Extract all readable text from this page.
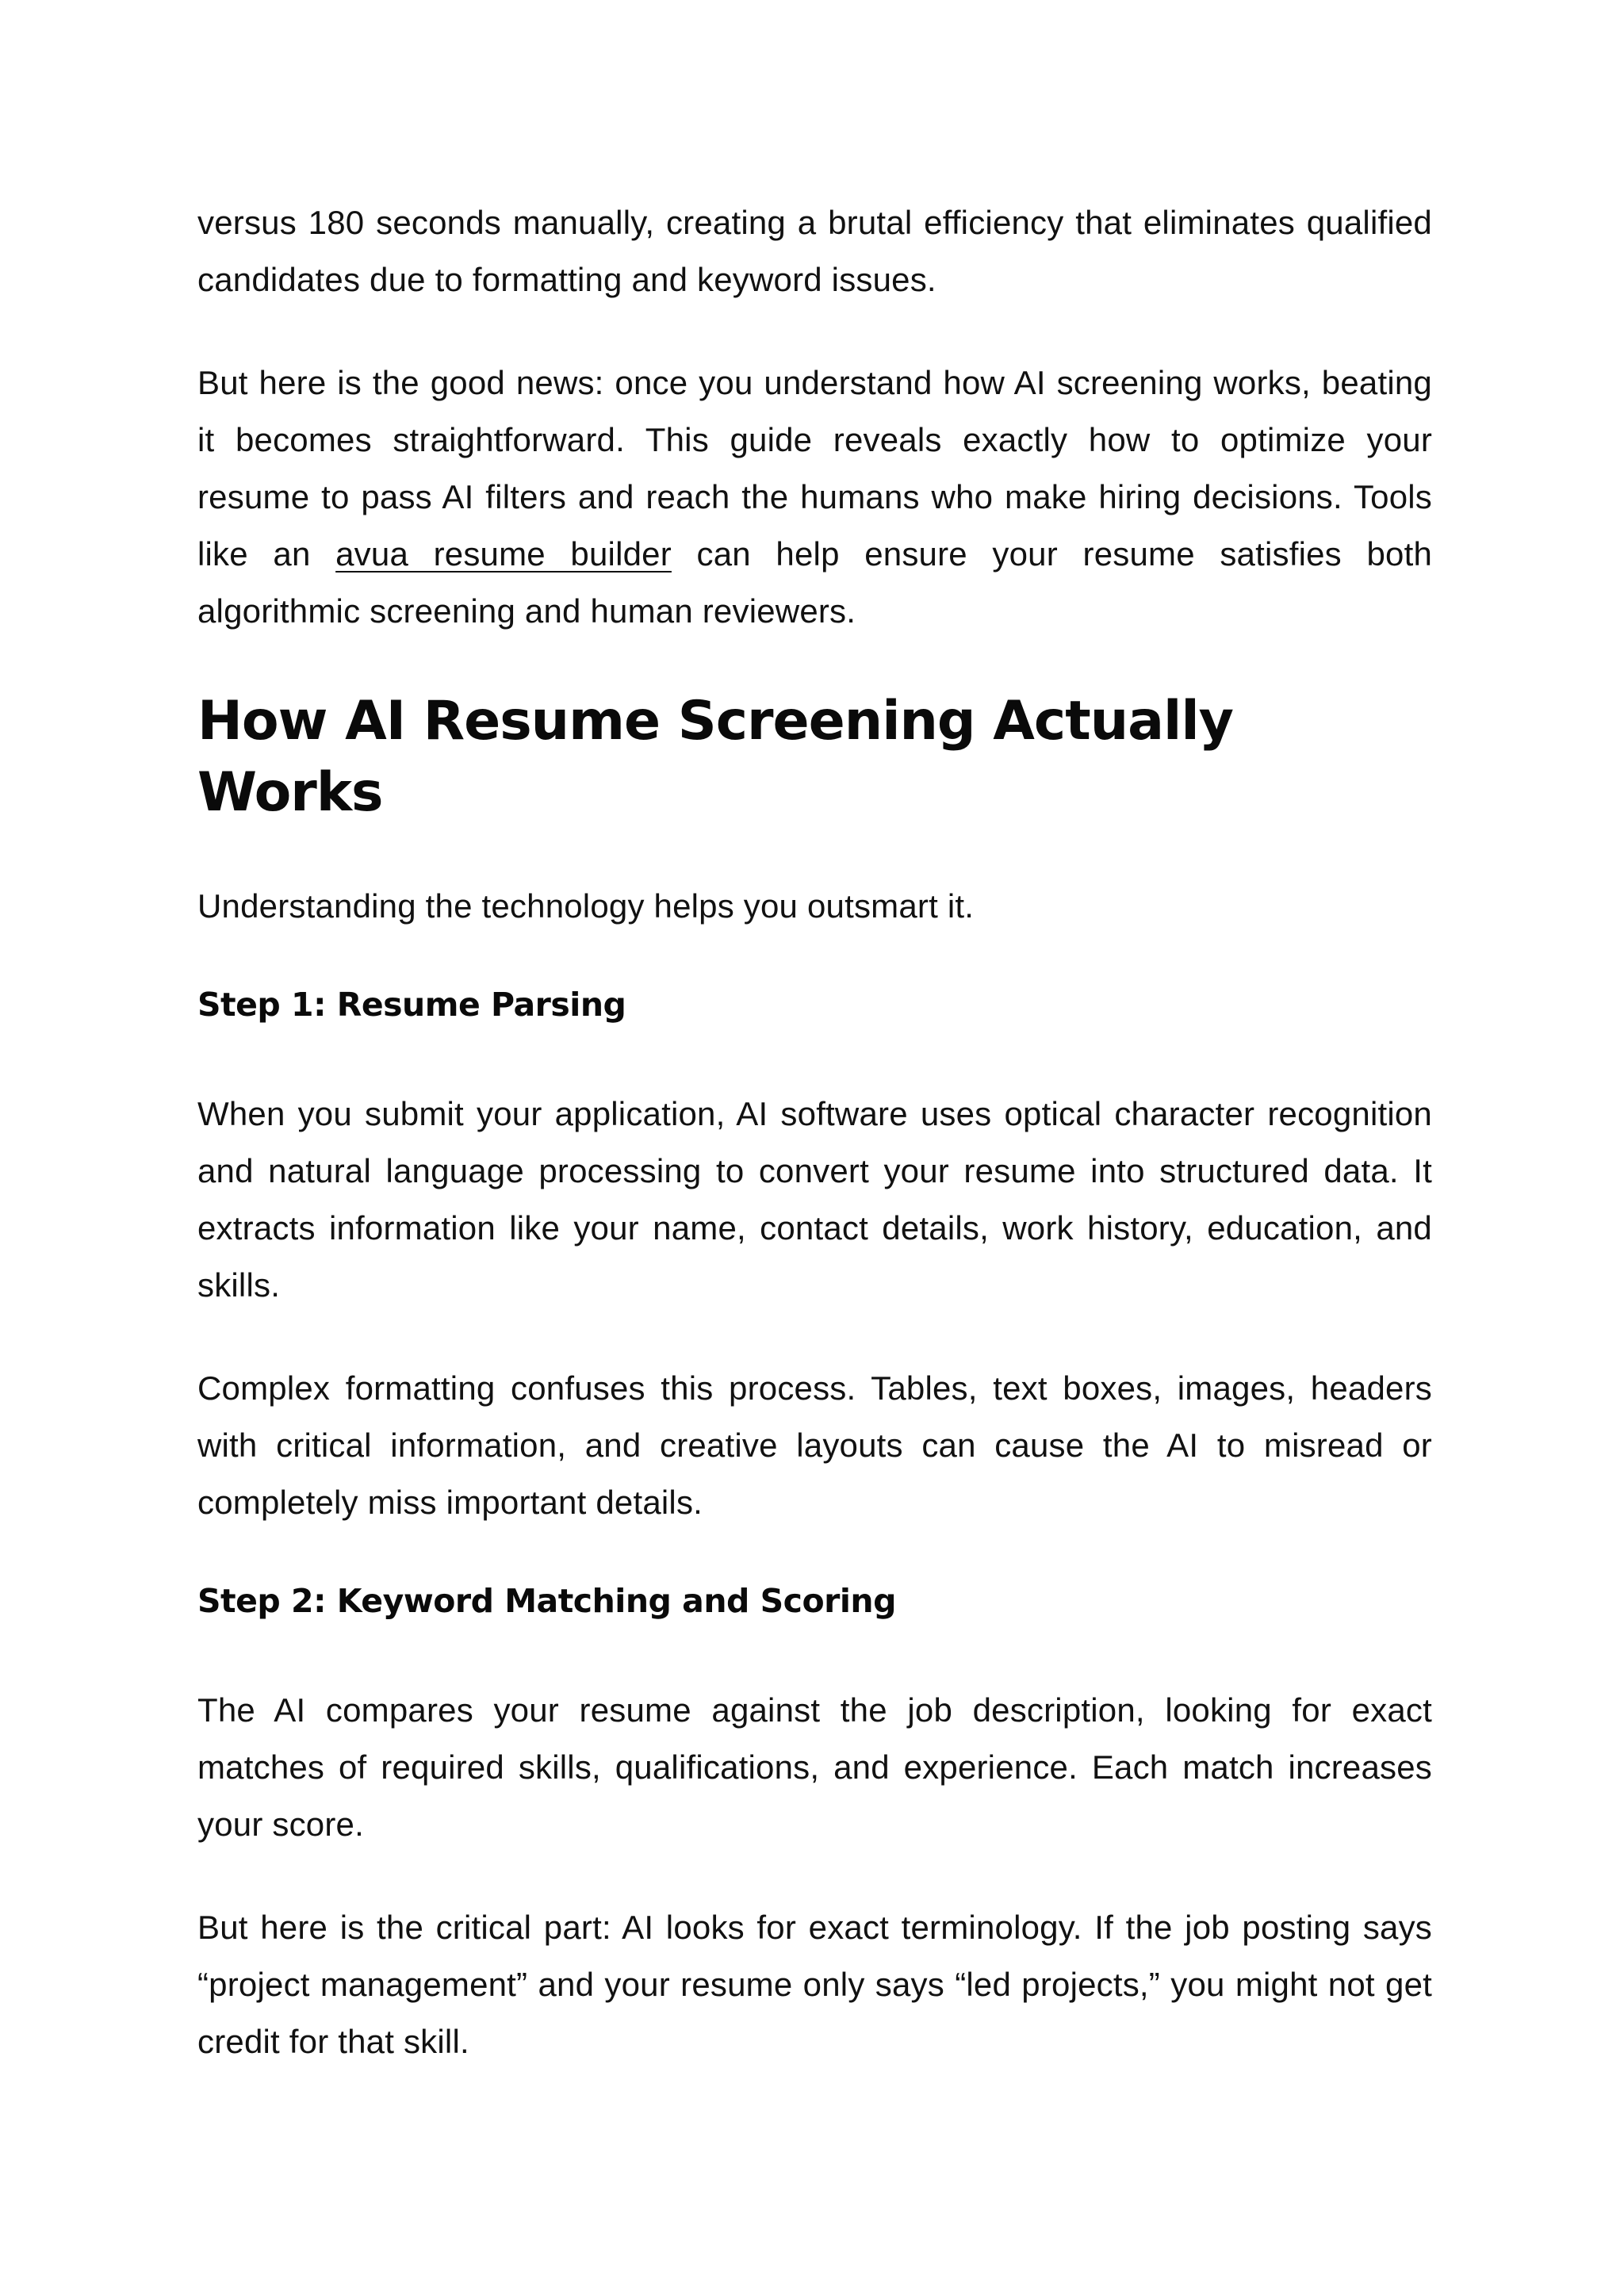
versus 180 seconds manually, creating a brutal efficiency that eliminates qualified candidates due to formatting and keyword issues.

But here is the good news: once you understand how AI screening works, beating it becomes straightforward. This guide reveals exactly how to optimize your resume to pass AI filters and reach the humans who make hiring decisions. Tools like an avua resume builder can help ensure your resume satisfies both algorithmic screening and human reviewers.

How AI Resume Screening Actually Works

Understanding the technology helps you outsmart it.

Step 1: Resume Parsing

When you submit your application, AI software uses optical character recognition and natural language processing to convert your resume into structured data. It extracts information like your name, contact details, work history, education, and skills.

Complex formatting confuses this process. Tables, text boxes, images, headers with critical information, and creative layouts can cause the AI to misread or completely miss important details.

Step 2: Keyword Matching and Scoring

The AI compares your resume against the job description, looking for exact matches of required skills, qualifications, and experience. Each match increases your score.

But here is the critical part: AI looks for exact terminology. If the job posting says “project management” and your resume only says “led projects,” you might not get credit for that skill.
